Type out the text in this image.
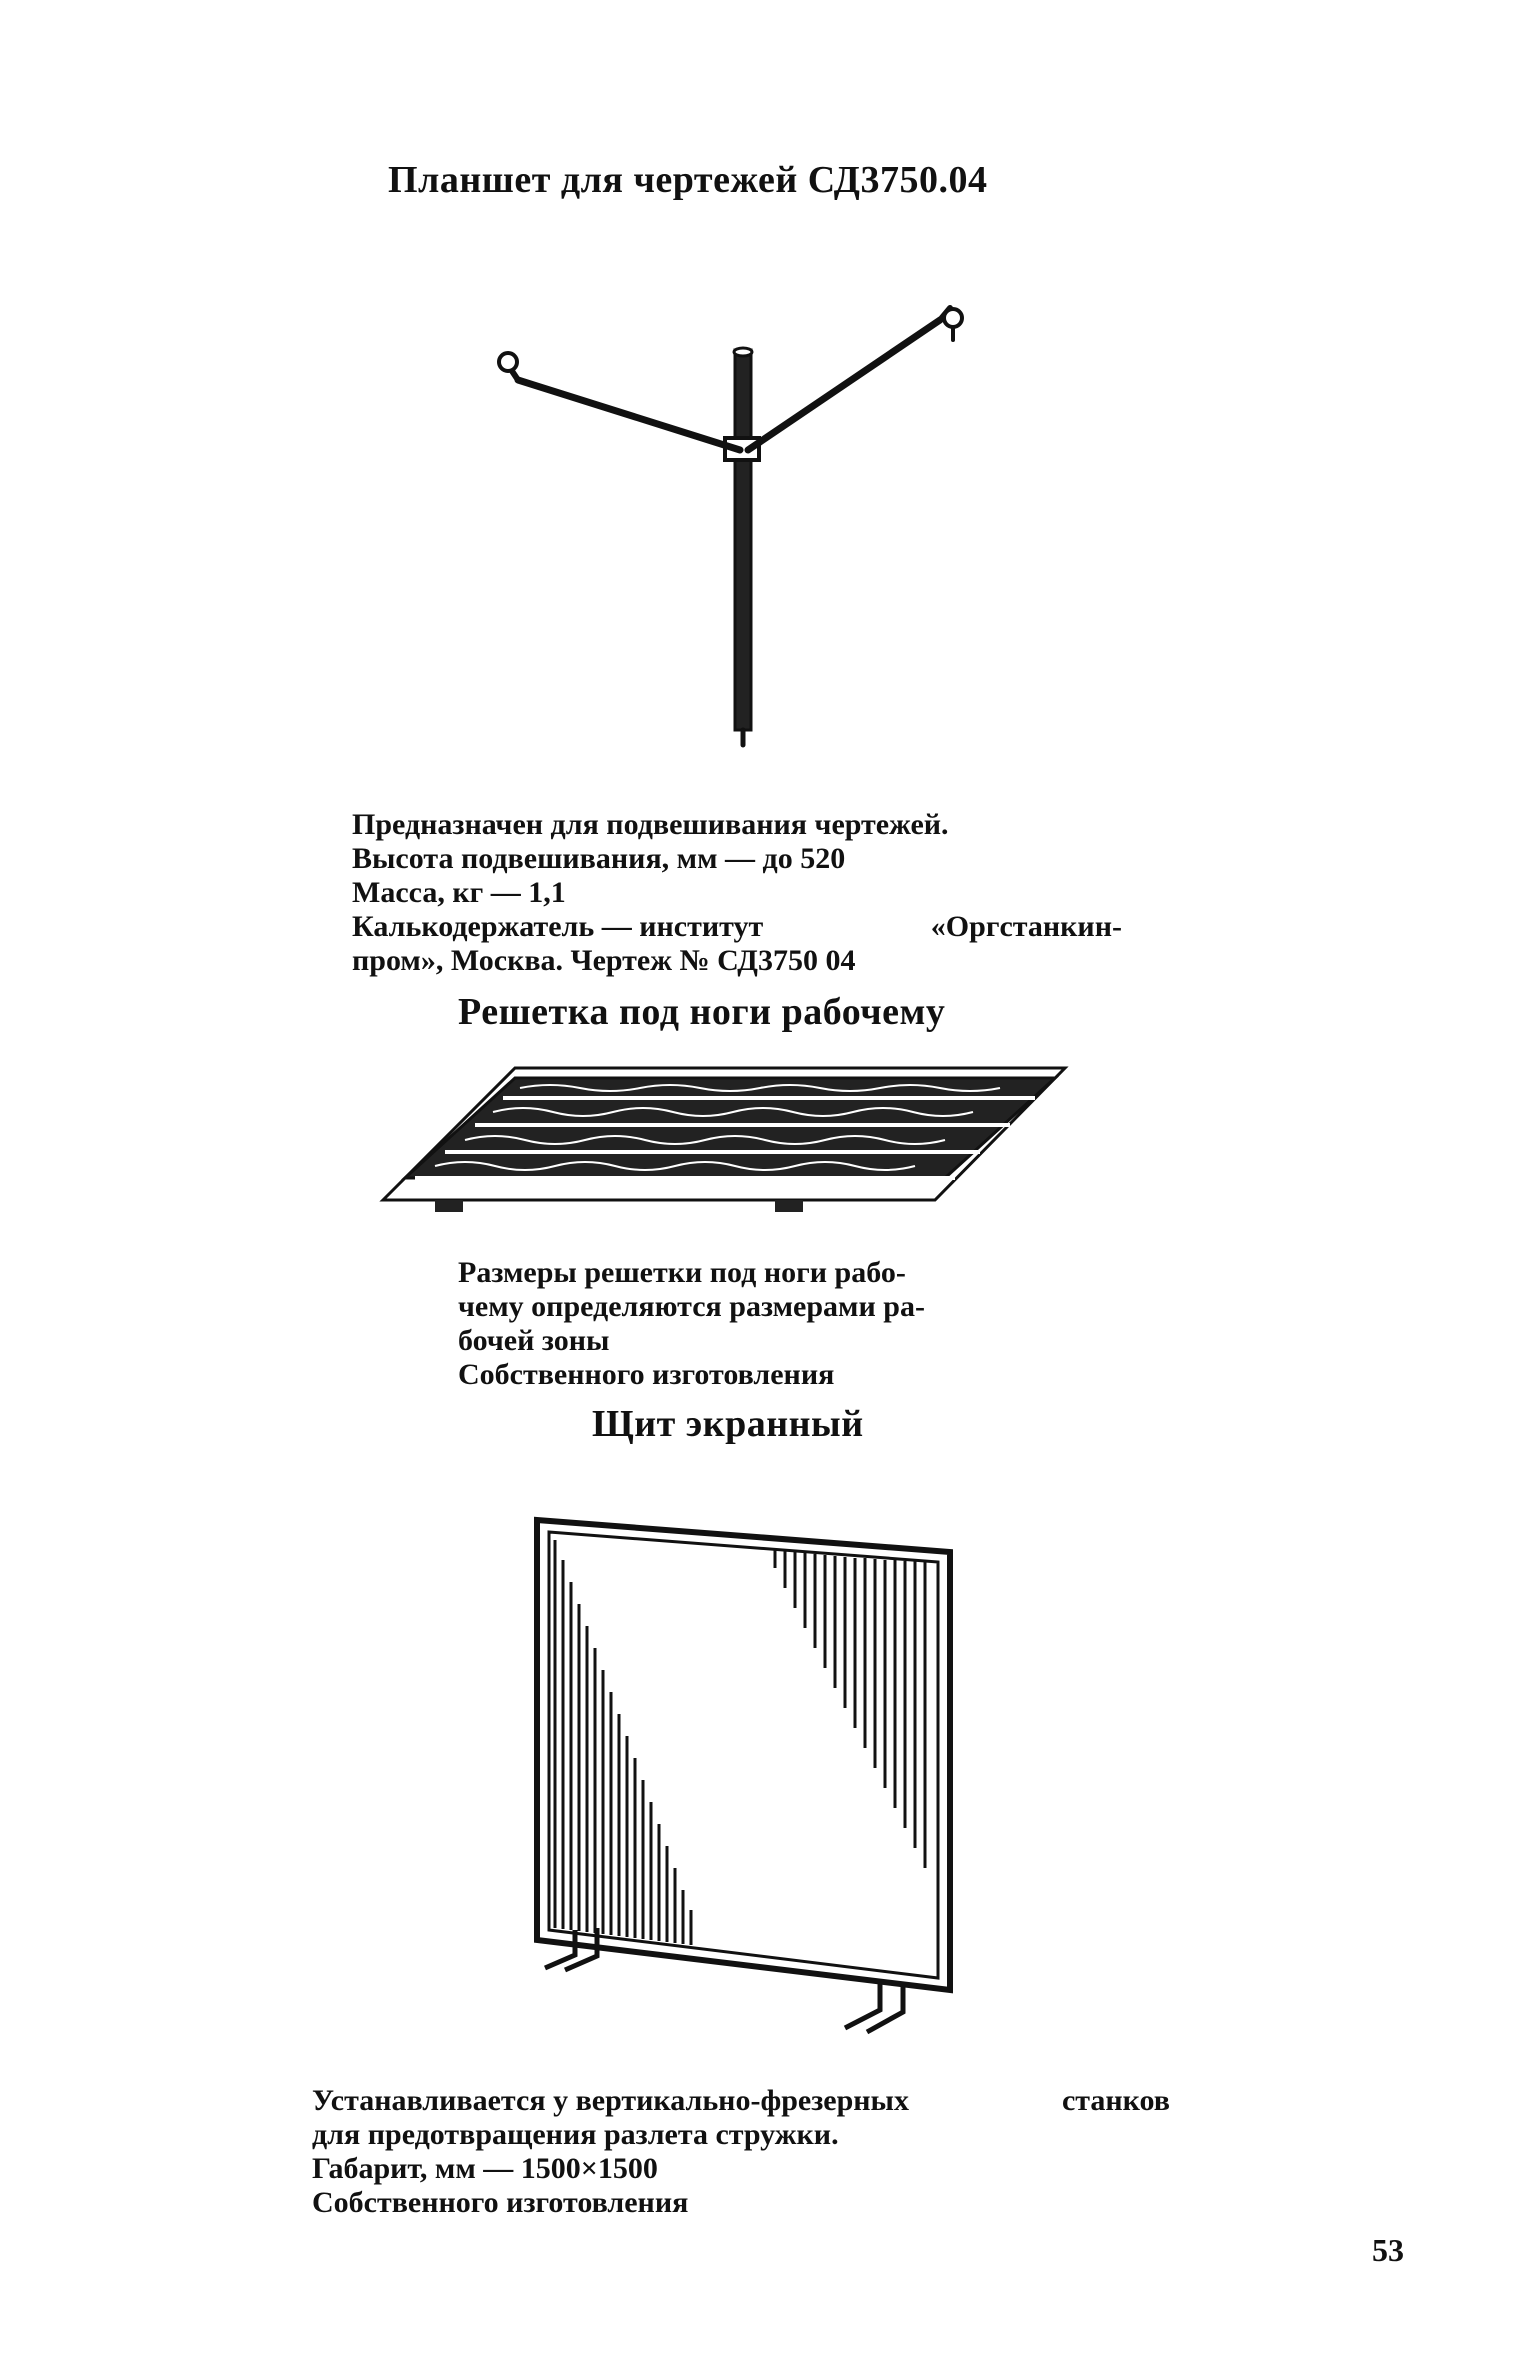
Планшет для чертежей СД3750.04
Предназначен для подвешивания чертежей.
Высота подвешивания, мм — до 520
Масса, кг — 1,1
Калькодержатель — институт	«Оргстанкин-
пром», Москва. Чертеж № СД3750 04
Решетка под ноги рабочему
Размеры решетки под ноги рабо-
чему определяются размерами ра-
бочей зоны
Собственного изготовления
Щит экранный
Устанавливается у вертикально-фрезерных	станков
для предотвращения разлета стружки.
Габарит, мм — 1500×1500
Собственного изготовления
53
